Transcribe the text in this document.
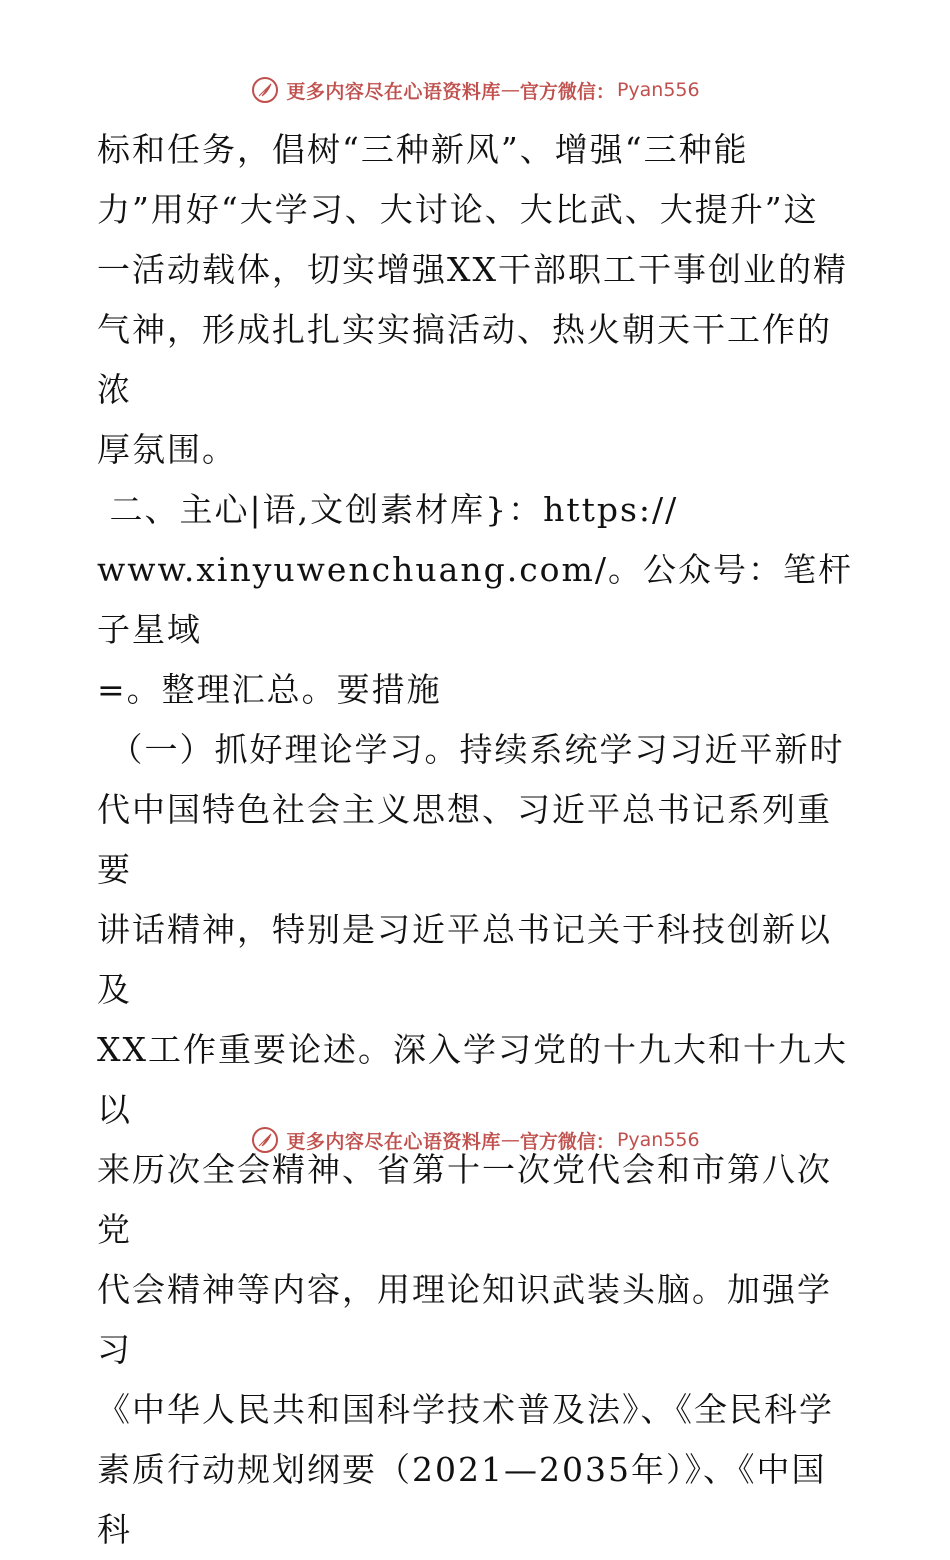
更多内容尽在心语资料库 — 官方微信： Pyan556

标和任务，倡树“三种新风”、增强“三种能
力”用好“大学习、大讨论、大比武、大提升”这
一活动载体，切实增强XX干部职工干事创业的精
气神，形成扎扎实实搞活动、热火朝天干工作的浓
厚氛围。

二、主心|语,文创素材库}：https://
www.xinyuwenchuang.com/。公众号：笔杆子星域
=。整理汇总。要措施

（一）抓好理论学习。持续系统学习习近平新时
代中国特色社会主义思想、习近平总书记系列重要
讲话精神，特别是习近平总书记关于科技创新以及
XX工作重要论述。深入学习党的十九大和十九大以
来历次全会精神、省第十一次党代会和市第八次党
代会精神等内容，用理论知识武装头脑。加强学习
《中华人民共和国科学技术普及法》、《全民科学
素质行动规划纲要（2021—2035年）》、《中国科

更多内容尽在心语资料库 — 官方微信： Pyan556
